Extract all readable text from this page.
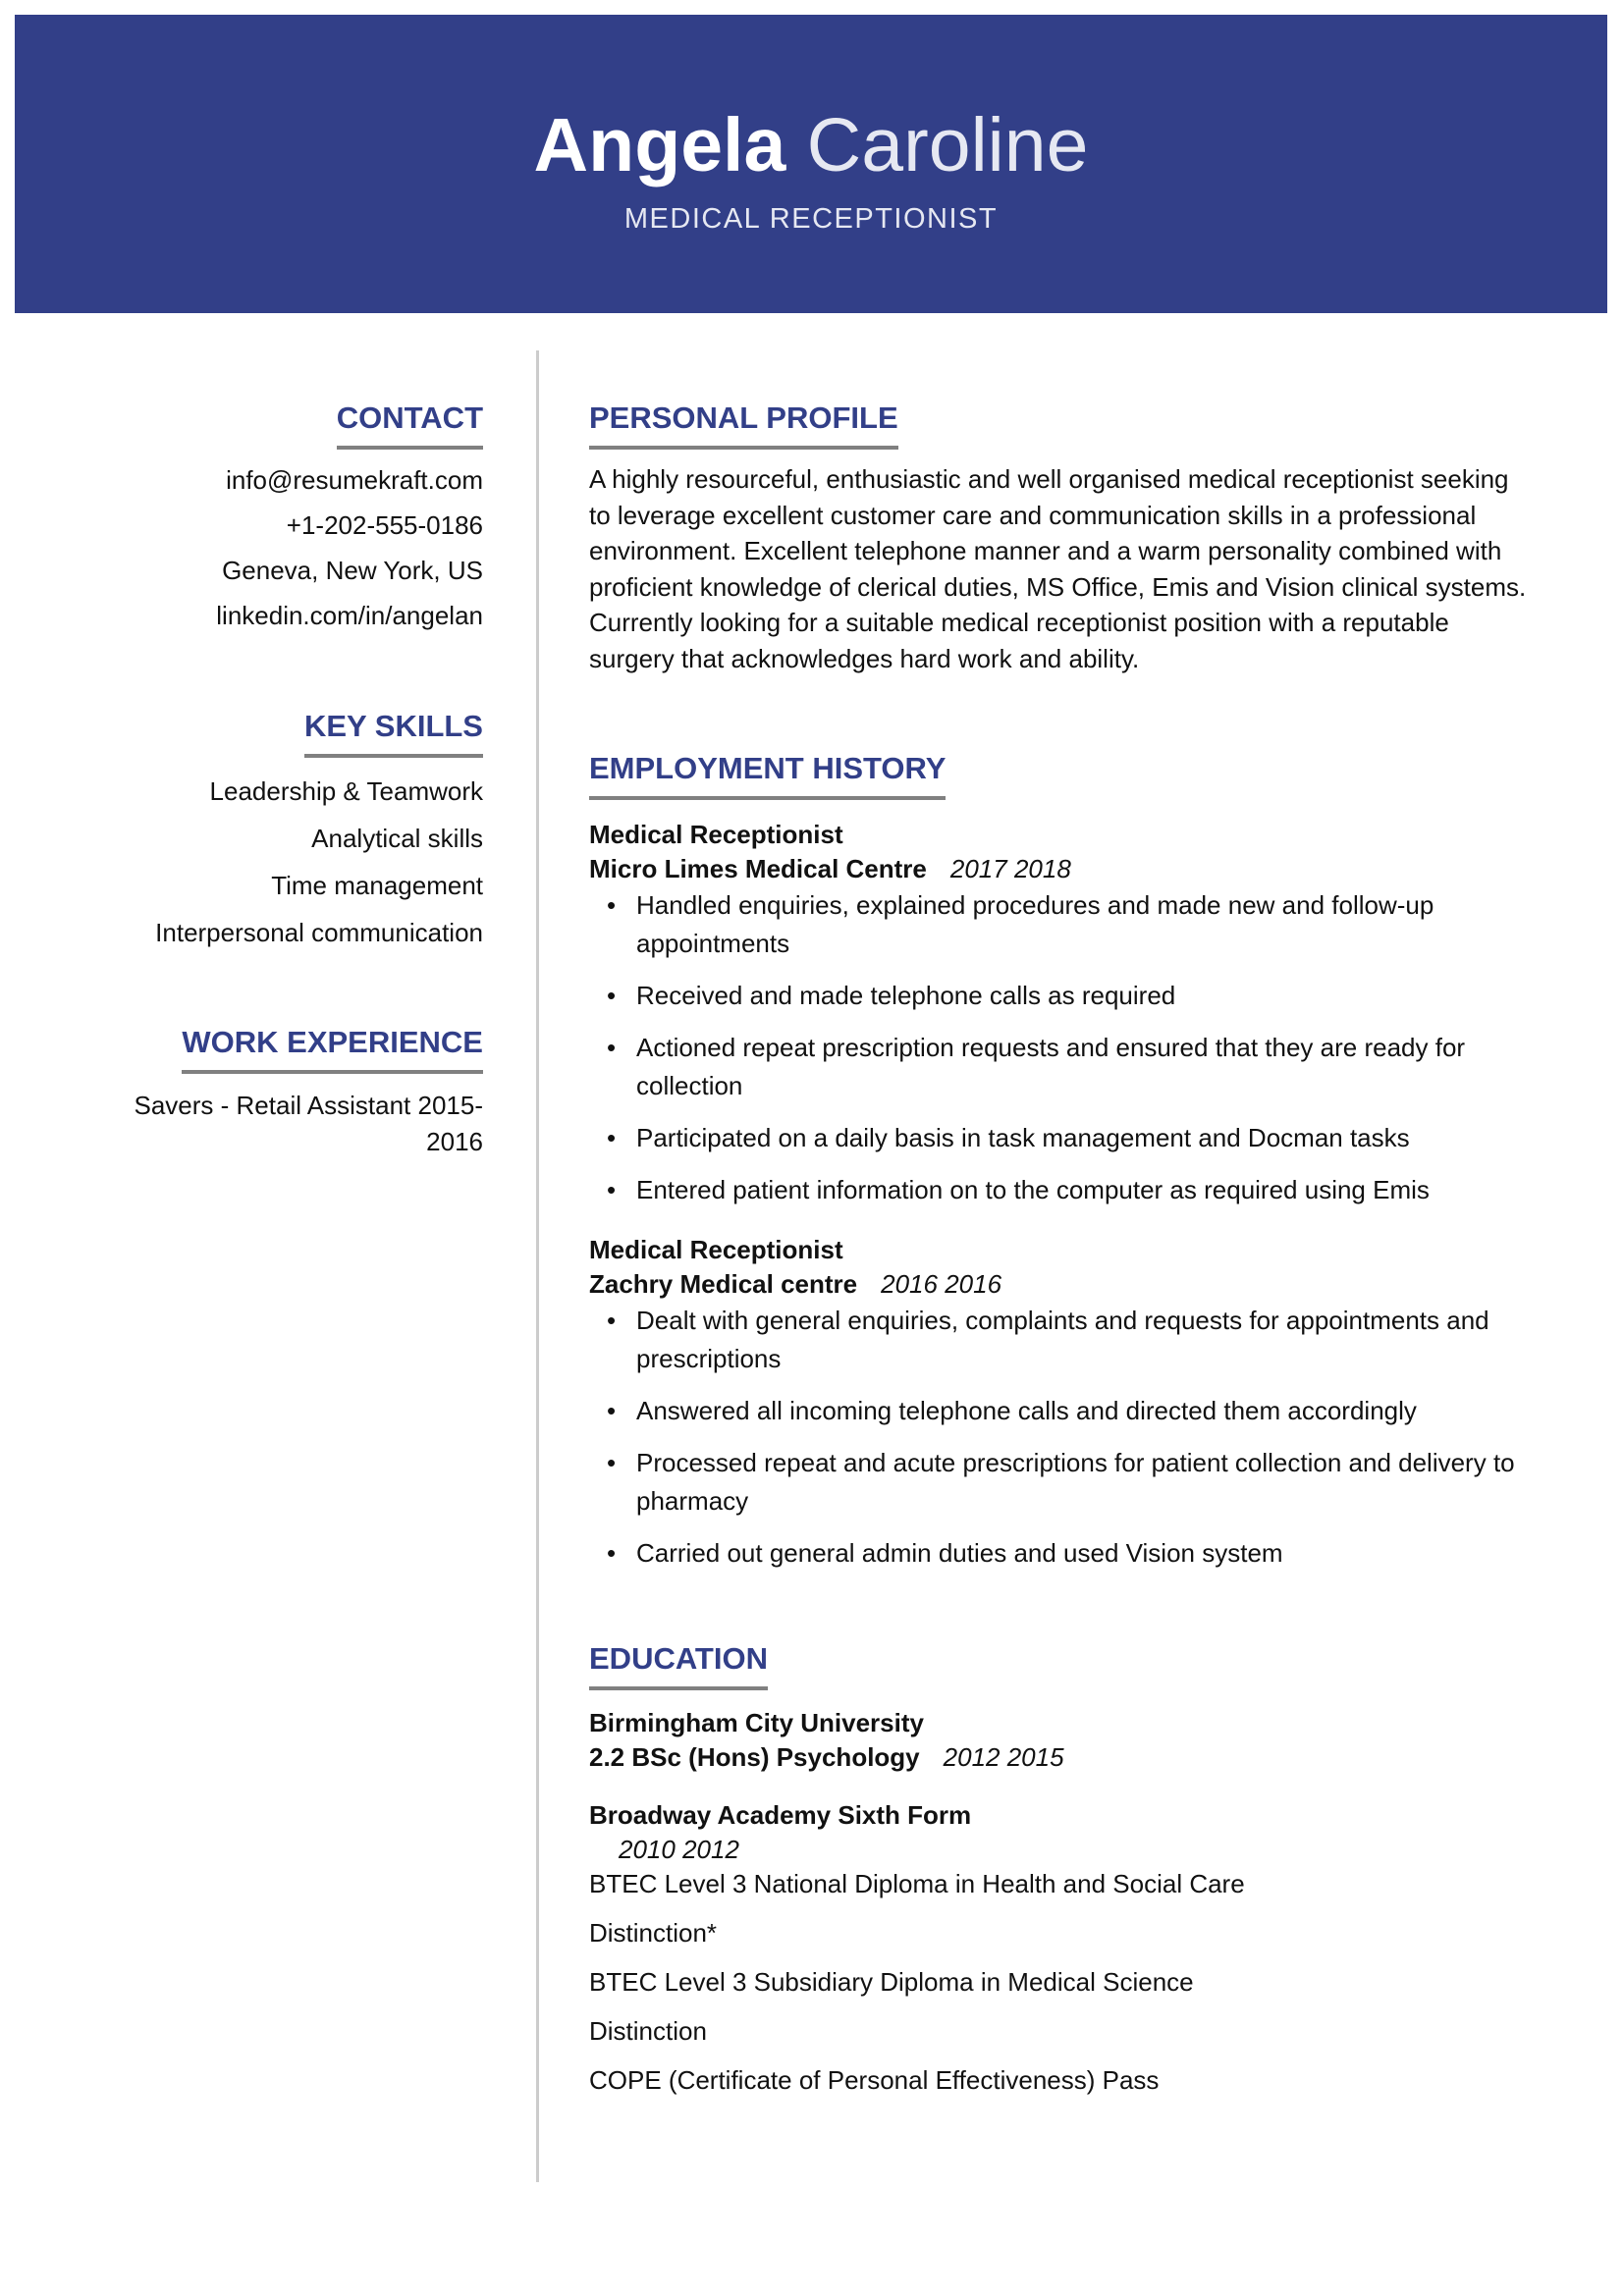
Angela Caroline
MEDICAL RECEPTIONIST
CONTACT
info@resumekraft.com
+1-202-555-0186
Geneva, New York, US
linkedin.com/in/angelan
KEY SKILLS
Leadership & Teamwork
Analytical skills
Time management
Interpersonal communication
WORK EXPERIENCE
Savers - Retail Assistant 2015-2016
PERSONAL PROFILE
A highly resourceful, enthusiastic and well organised medical receptionist seeking to leverage excellent customer care and communication skills in a professional environment. Excellent telephone manner and a warm personality combined with proficient knowledge of clerical duties, MS Office, Emis and Vision clinical systems. Currently looking for a suitable medical receptionist position with a reputable surgery that acknowledges hard work and ability.
EMPLOYMENT HISTORY
Medical Receptionist
Micro Limes Medical Centre 2017 2018
• Handled enquiries, explained procedures and made new and follow-up appointments
• Received and made telephone calls as required
• Actioned repeat prescription requests and ensured that they are ready for collection
• Participated on a daily basis in task management and Docman tasks
• Entered patient information on to the computer as required using Emis
Medical Receptionist
Zachry Medical centre 2016 2016
• Dealt with general enquiries, complaints and requests for appointments and prescriptions
• Answered all incoming telephone calls and directed them accordingly
• Processed repeat and acute prescriptions for patient collection and delivery to pharmacy
• Carried out general admin duties and used Vision system
EDUCATION
Birmingham City University
2.2 BSc (Hons) Psychology 2012 2015
Broadway Academy Sixth Form
2010 2012
BTEC Level 3 National Diploma in Health and Social Care
Distinction*
BTEC Level 3 Subsidiary Diploma in Medical Science
Distinction
COPE (Certificate of Personal Effectiveness) Pass
